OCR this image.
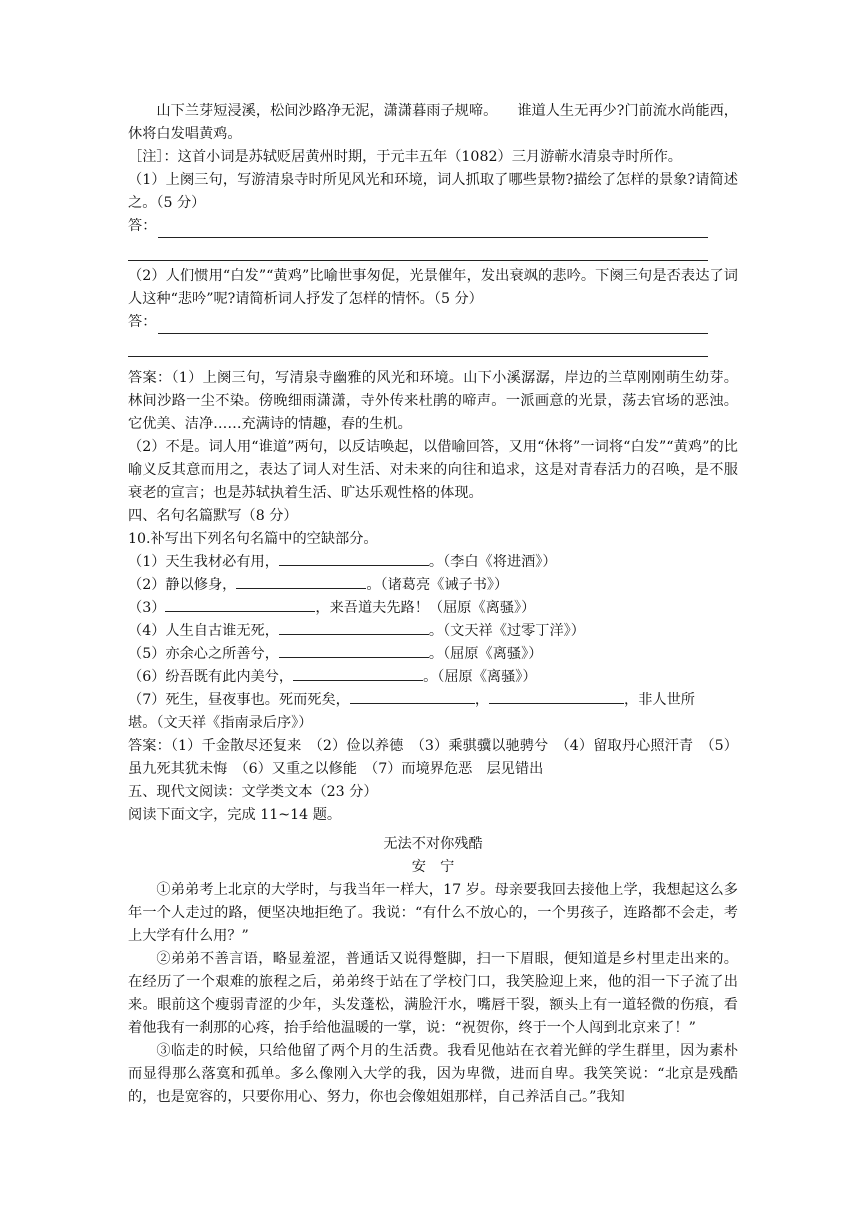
山下兰芽短浸溪，松间沙路净无泥，潇潇暮雨子规啼。 谁道人生无再少?门前流水尚能西，休将白发唱黄鸡。

［注］：这首小词是苏轼贬居黄州时期，于元丰五年（1082）三月游蕲水清泉寺时所作。

（1）上阕三句，写游清泉寺时所见风光和环境，词人抓取了哪些景物?描绘了怎样的景象?请简述之。（5 分）

答：

（2）人们惯用“白发”“黄鸡”比喻世事匆促，光景催年，发出衰飒的悲吟。下阕三句是否表达了词人这种“悲吟”呢?请简析词人抒发了怎样的情怀。（5 分）

答：

答案：（1）上阕三句，写清泉寺幽雅的风光和环境。山下小溪潺潺，岸边的兰草刚刚萌生幼芽。林间沙路一尘不染。傍晚细雨潇潇，寺外传来杜鹃的啼声。一派画意的光景，荡去官场的恶浊。它优美、洁净……充满诗的情趣，春的生机。

（2）不是。词人用“谁道”两句，以反诘唤起，以借喻回答，又用“休将”一词将“白发”“黄鸡”的比喻义反其意而用之，表达了词人对生活、对未来的向往和追求，这是对青春活力的召唤，是不服衰老的宣言；也是苏轼执着生活、旷达乐观性格的体现。

四、名句名篇默写（8 分）

10.补写出下列名句名篇中的空缺部分。

（1）天生我材必有用，	。（李白《将进酒》）
（2）静以修身，	。（诸葛亮《诫子书》）
（3）	，来吾道夫先路！（屈原《离骚》）
（4）人生自古谁无死，	。（文天祥《过零丁洋》）
（5）亦余心之所善兮，	。（屈原《离骚》）
（6）纷吾既有此内美兮，	。（屈原《离骚》）
（7）死生，昼夜事也。死而死矣，	，	，非人世所

堪。（文天祥《指南录后序》）

答案：（1）千金散尽还复来　（2）俭以养德　（3）乘骐骥以驰骋兮　（4）留取丹心照汗青　（5）虽九死其犹未悔　（6）又重之以修能　（7）而境界危恶　层见错出

五、现代文阅读：文学类文本（23 分）

阅读下面文字，完成 11~14 题。

无法不对你残酷

安　宁

①弟弟考上北京的大学时，与我当年一样大，17 岁。母亲要我回去接他上学，我想起这么多年一个人走过的路，便坚决地拒绝了。我说：“有什么不放心的，一个男孩子，连路都不会走，考上大学有什么用？”

②弟弟不善言语，略显羞涩，普通话又说得蹩脚，扫一下眉眼，便知道是乡村里走出来的。在经历了一个艰难的旅程之后，弟弟终于站在了学校门口，我笑脸迎上来，他的泪一下子流了出来。眼前这个瘦弱青涩的少年，头发蓬松，满脸汗水，嘴唇干裂，额头上有一道轻微的伤痕，看着他我有一刹那的心疼，抬手给他温暖的一掌，说：“祝贺你，终于一个人闯到北京来了！”

③临走的时候，只给他留了两个月的生活费。我看见他站在衣着光鲜的学生群里，因为素朴而显得那么落寞和孤单。多么像刚入大学的我，因为卑微，进而自卑。我笑笑说：“北京是残酷的，也是宽容的，只要你用心、努力，你也会像姐姐那样，自己养活自己。”我知
